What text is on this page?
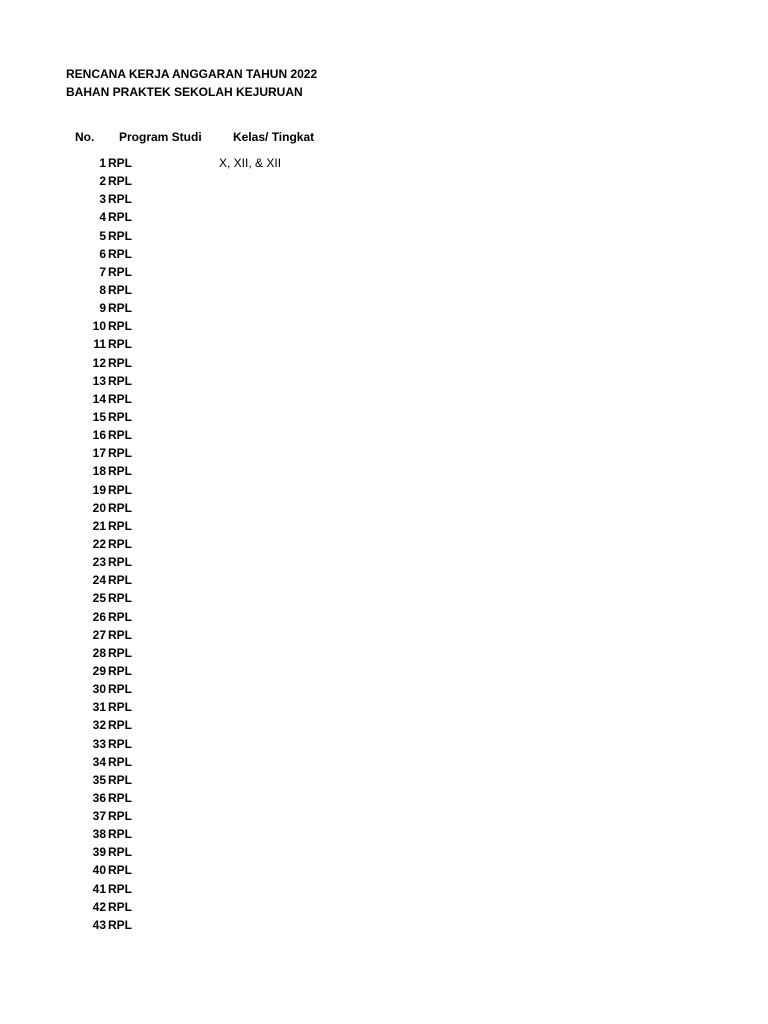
RENCANA KERJA ANGGARAN TAHUN 2022
BAHAN PRAKTEK SEKOLAH KEJURUAN
No. Program Studi	Kelas/ Tingkat
1 RPL	X, XII, & XII
2 RPL
3 RPL
4 RPL
5 RPL
6 RPL
7 RPL
8 RPL
9 RPL
10 RPL
11 RPL
12 RPL
13 RPL
14 RPL
15 RPL
16 RPL
17 RPL
18 RPL
19 RPL
20 RPL
21 RPL
22 RPL
23 RPL
24 RPL
25 RPL
26 RPL
27 RPL
28 RPL
29 RPL
30 RPL
31 RPL
32 RPL
33 RPL
34 RPL
35 RPL
36 RPL
37 RPL
38 RPL
39 RPL
40 RPL
41 RPL
42 RPL
43 RPL
